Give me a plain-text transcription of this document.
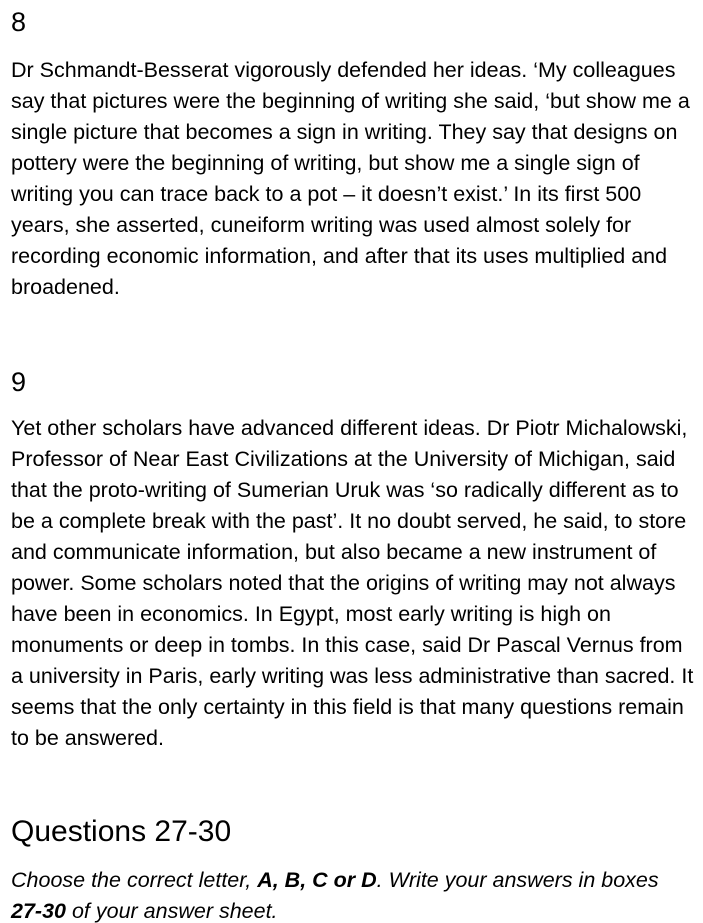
8

Dr Schmandt-Besserat vigorously defended her ideas. ‘My colleagues say that pictures were the beginning of writing she said, ‘but show me a single picture that becomes a sign in writing. They say that designs on pottery were the beginning of writing, but show me a single sign of writing you can trace back to a pot – it doesn’t exist.’ In its first 500 years, she asserted, cuneiform writing was used almost solely for recording economic information, and after that its uses multiplied and broadened.

9

Yet other scholars have advanced different ideas. Dr Piotr Michalowski, Professor of Near East Civilizations at the University of Michigan, said that the proto-writing of Sumerian Uruk was ‘so radically different as to be a complete break with the past’. It no doubt served, he said, to store and communicate information, but also became a new instrument of power. Some scholars noted that the origins of writing may not always have been in economics. In Egypt, most early writing is high on monuments or deep in tombs. In this case, said Dr Pascal Vernus from a university in Paris, early writing was less administrative than sacred. It seems that the only certainty in this field is that many questions remain to be answered.

Questions 27-30

Choose the correct letter, A, B, C or D. Write your answers in boxes 27-30 of your answer sheet.
